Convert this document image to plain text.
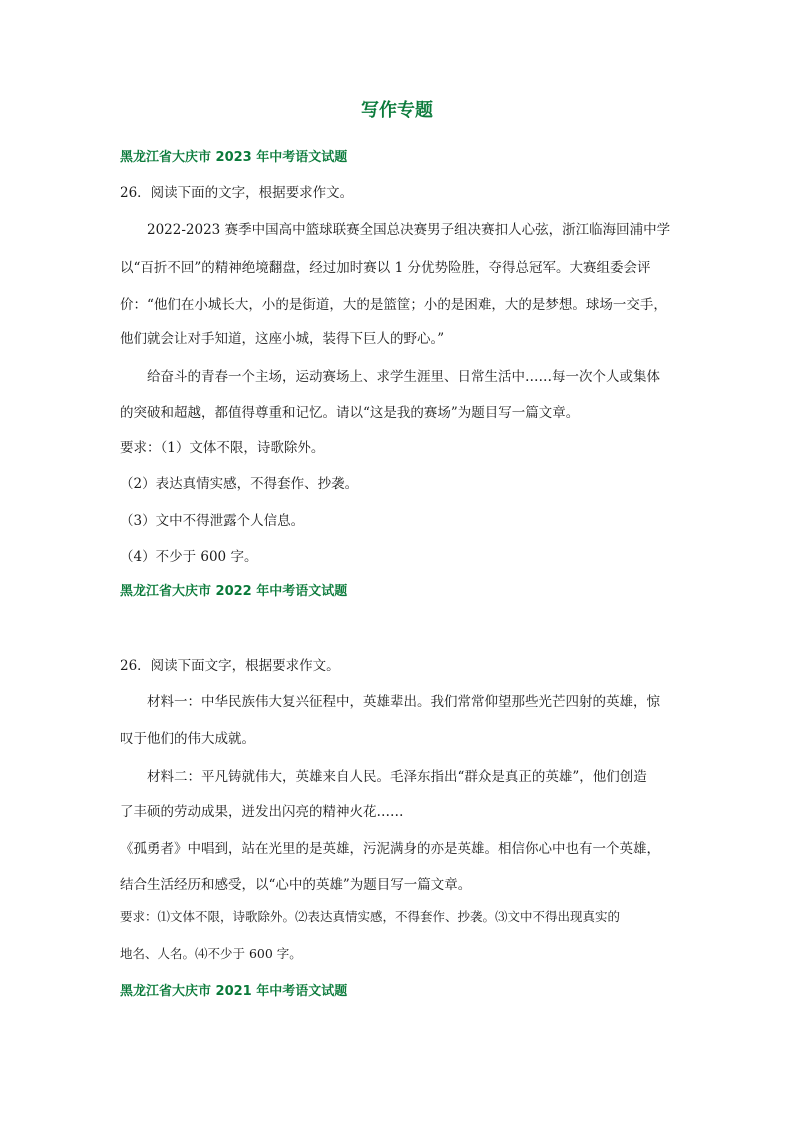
写作专题
黑龙江省大庆市 2023 年中考语文试题
26．阅读下面的文字，根据要求作文。
2022-2023 赛季中国高中篮球联赛全国总决赛男子组决赛扣人心弦，浙江临海回浦中学
以“百折不回”的精神绝境翻盘，经过加时赛以 1 分优势险胜，夺得总冠军。大赛组委会评
价：“他们在小城长大，小的是街道，大的是篮筐；小的是困难，大的是梦想。球场一交手，
他们就会让对手知道，这座小城，装得下巨人的野心。”
给奋斗的青春一个主场，运动赛场上、求学生涯里、日常生活中……每一次个人或集体
的突破和超越，都值得尊重和记忆。请以“这是我的赛场”为题目写一篇文章。
要求：（1）文体不限，诗歌除外。
（2）表达真情实感，不得套作、抄袭。
（3）文中不得泄露个人信息。
（4）不少于 600 字。
黑龙江省大庆市 2022 年中考语文试题
26．阅读下面文字，根据要求作文。
材料一：中华民族伟大复兴征程中，英雄辈出。我们常常仰望那些光芒四射的英雄，惊
叹于他们的伟大成就。
材料二：平凡铸就伟大，英雄来自人民。毛泽东指出“群众是真正的英雄”，他们创造
了丰硕的劳动成果，迸发出闪亮的精神火花……
《孤勇者》中唱到，站在光里的是英雄，污泥满身的亦是英雄。相信你心中也有一个英雄，
结合生活经历和感受，以“心中的英雄”为题目写一篇文章。
要求：⑴文体不限，诗歌除外。⑵表达真情实感，不得套作、抄袭。⑶文中不得出现真实的
地名、人名。⑷不少于 600 字。
黑龙江省大庆市 2021 年中考语文试题
